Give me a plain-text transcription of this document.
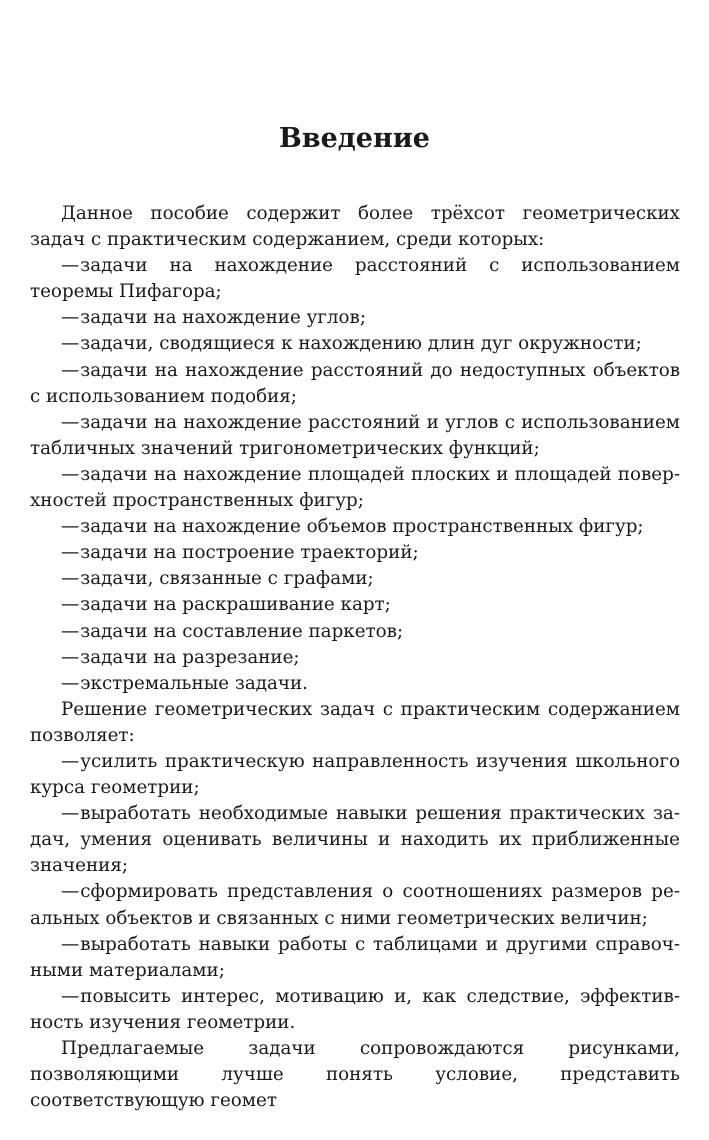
Введение

Данное пособие содержит более трёхсот геометрических задач с практическим содержанием, среди которых:

—задачи на нахождение расстояний с использованием теоремы Пифагора;

—задачи на нахождение углов;

—задачи, сводящиеся к нахождению длин дуг окружности;

—задачи на нахождение расстояний до недоступных объектов с использованием подобия;

—задачи на нахождение расстояний и углов с использованием табличных значений тригонометрических функций;

—задачи на нахождение площадей плоских и площадей поверхностей пространственных фигур;

—задачи на нахождение объемов пространственных фигур;

—задачи на построение траекторий;

—задачи, связанные с графами;

—задачи на раскрашивание карт;

—задачи на составление паркетов;

—задачи на разрезание;

—экстремальные задачи.

Решение геометрических задач с практическим содержанием позволяет:

—усилить практическую направленность изучения школьного курса геометрии;

—выработать необходимые навыки решения практических задач, умения оценивать величины и находить их приближенные значения;

—сформировать представления о соотношениях размеров реальных объектов и связанных с ними геометрических величин;

—выработать навыки работы с таблицами и другими справочными материалами;

—повысить интерес, мотивацию и, как следствие, эффективность изучения геометрии.

Предлагаемые задачи сопровождаются рисунками, позволяющими лучше понять условие, представить соответствующую геомет
